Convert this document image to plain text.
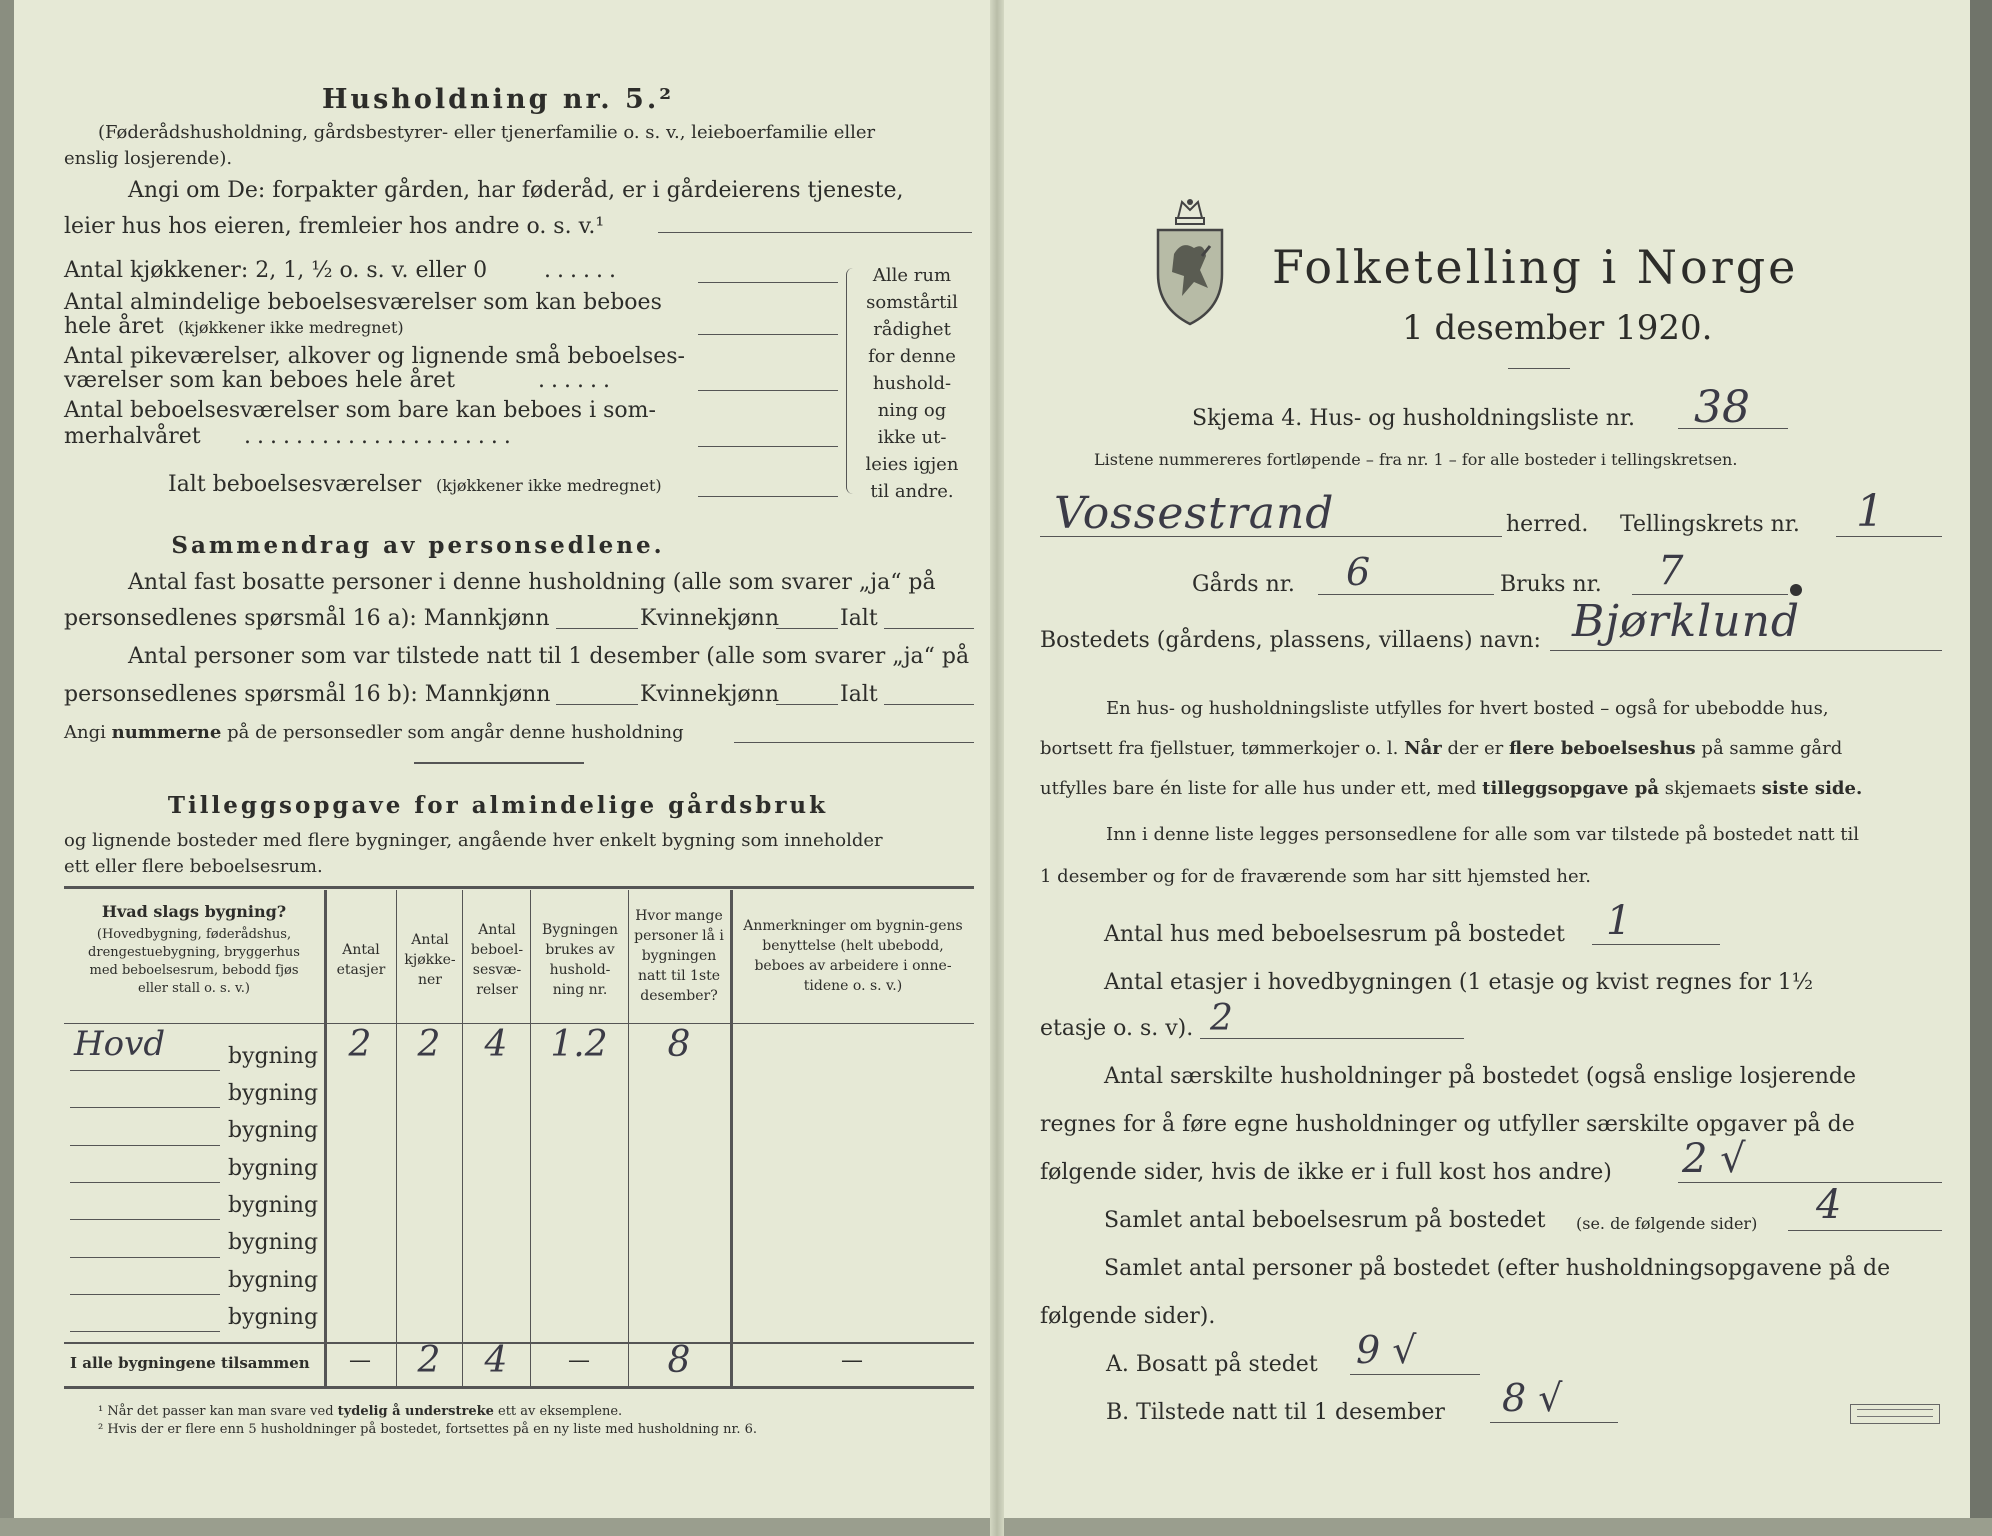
Husholdning nr. 5.²
(Føderådshusholdning, gårdsbestyrer- eller tjenerfamilie o. s. v., leieboerfamilie eller
enslig losjerende).
Angi om De: forpakter gården, har føderåd, er i gårdeierens tjeneste,
leier hus hos eieren, fremleier hos andre o. s. v.¹
Antal kjøkkener: 2, 1, ½ o. s. v. eller 0	......
Antal almindelige beboelsesværelser som kan beboes
hele året (kjøkkener ikke medregnet)
Antal pikeværelser, alkover og lignende små beboelses-
værelser som kan beboes hele året	......
Antal beboelsesværelser som bare kan beboes i som-
merhalvåret .....................
Ialt beboelsesværelser (kjøkkener ikke medregnet)
Alle rum
somstårtil
rådighet
for denne
hushold-
ning og
ikke ut-
leies igjen
til andre.
Sammendrag av personsedlene.
Antal fast bosatte personer i denne husholdning (alle som svarer „ja“ på
personsedlenes spørsmål 16 a): Mannkjønn	Kvinnekjønn	Ialt
Antal personer som var tilstede natt til 1 desember (alle som svarer „ja“ på
personsedlenes spørsmål 16 b): Mannkjønn	Kvinnekjønn	Ialt
Angi nummerne på de personsedler som angår denne husholdning
Tilleggsopgave for almindelige gårdsbruk
og lignende bosteder med flere bygninger, angående hver enkelt bygning som inneholder
ett eller flere beboelsesrum.
Hvad slags bygning?
(Hovedbygning, føderådshus, drengestuebygning, bryggerhus med beboelsesrum, bebodd fjøs eller stall o. s. v.)
Antal etasjer
Antal kjøkke-ner
Antal beboel-sesvæ-relser
Bygningen brukes av hushold-ning nr.
Hvor mange personer lå i bygningen natt til 1ste desember?
Anmerkninger om bygnin-gens benyttelse (helt ubebodd, beboes av arbeidere i onne-tidene o. s. v.)
Hovd	2	2	4	1.2	8
bygning
bygning
bygning
bygning
bygning
bygning
bygning
bygning
I alle bygningene tilsammen	—	2	4	—	8	—
¹ Når det passer kan man svare ved tydelig å understreke ett av eksemplene.
² Hvis der er flere enn 5 husholdninger på bostedet, fortsettes på en ny liste med husholdning nr. 6.
Folketelling i Norge
1 desember 1920.
Skjema 4. Hus- og husholdningsliste nr. 38
Listene nummereres fortløpende – fra nr. 1 – for alle bosteder i tellingskretsen.
Vossestrand	herred. Tellingskrets nr. 1
Gårds nr. 6	Bruks nr. 7
Bostedets (gårdens, plassens, villaens) navn: Bjørklund
En hus- og husholdningsliste utfylles for hvert bosted – også for ubebodde hus,
bortsett fra fjellstuer, tømmerkojer o. l. Når der er flere beboelseshus på samme gård
utfylles bare én liste for alle hus under ett, med tilleggsopgave på skjemaets siste side.
Inn i denne liste legges personsedlene for alle som var tilstede på bostedet natt til
1 desember og for de fraværende som har sitt hjemsted her.
Antal hus med beboelsesrum på bostedet 1
Antal etasjer i hovedbygningen (1 etasje og kvist regnes for 1½
etasje o. s. v). 2
Antal særskilte husholdninger på bostedet (også enslige losjerende
regnes for å føre egne husholdninger og utfyller særskilte opgaver på de
følgende sider, hvis de ikke er i full kost hos andre) 2 √
Samlet antal beboelsesrum på bostedet (se. de følgende sider) 4
Samlet antal personer på bostedet (efter husholdningsopgavene på de
følgende sider).
A. Bosatt på stedet 9 √
B. Tilstede natt til 1 desember 8 √
